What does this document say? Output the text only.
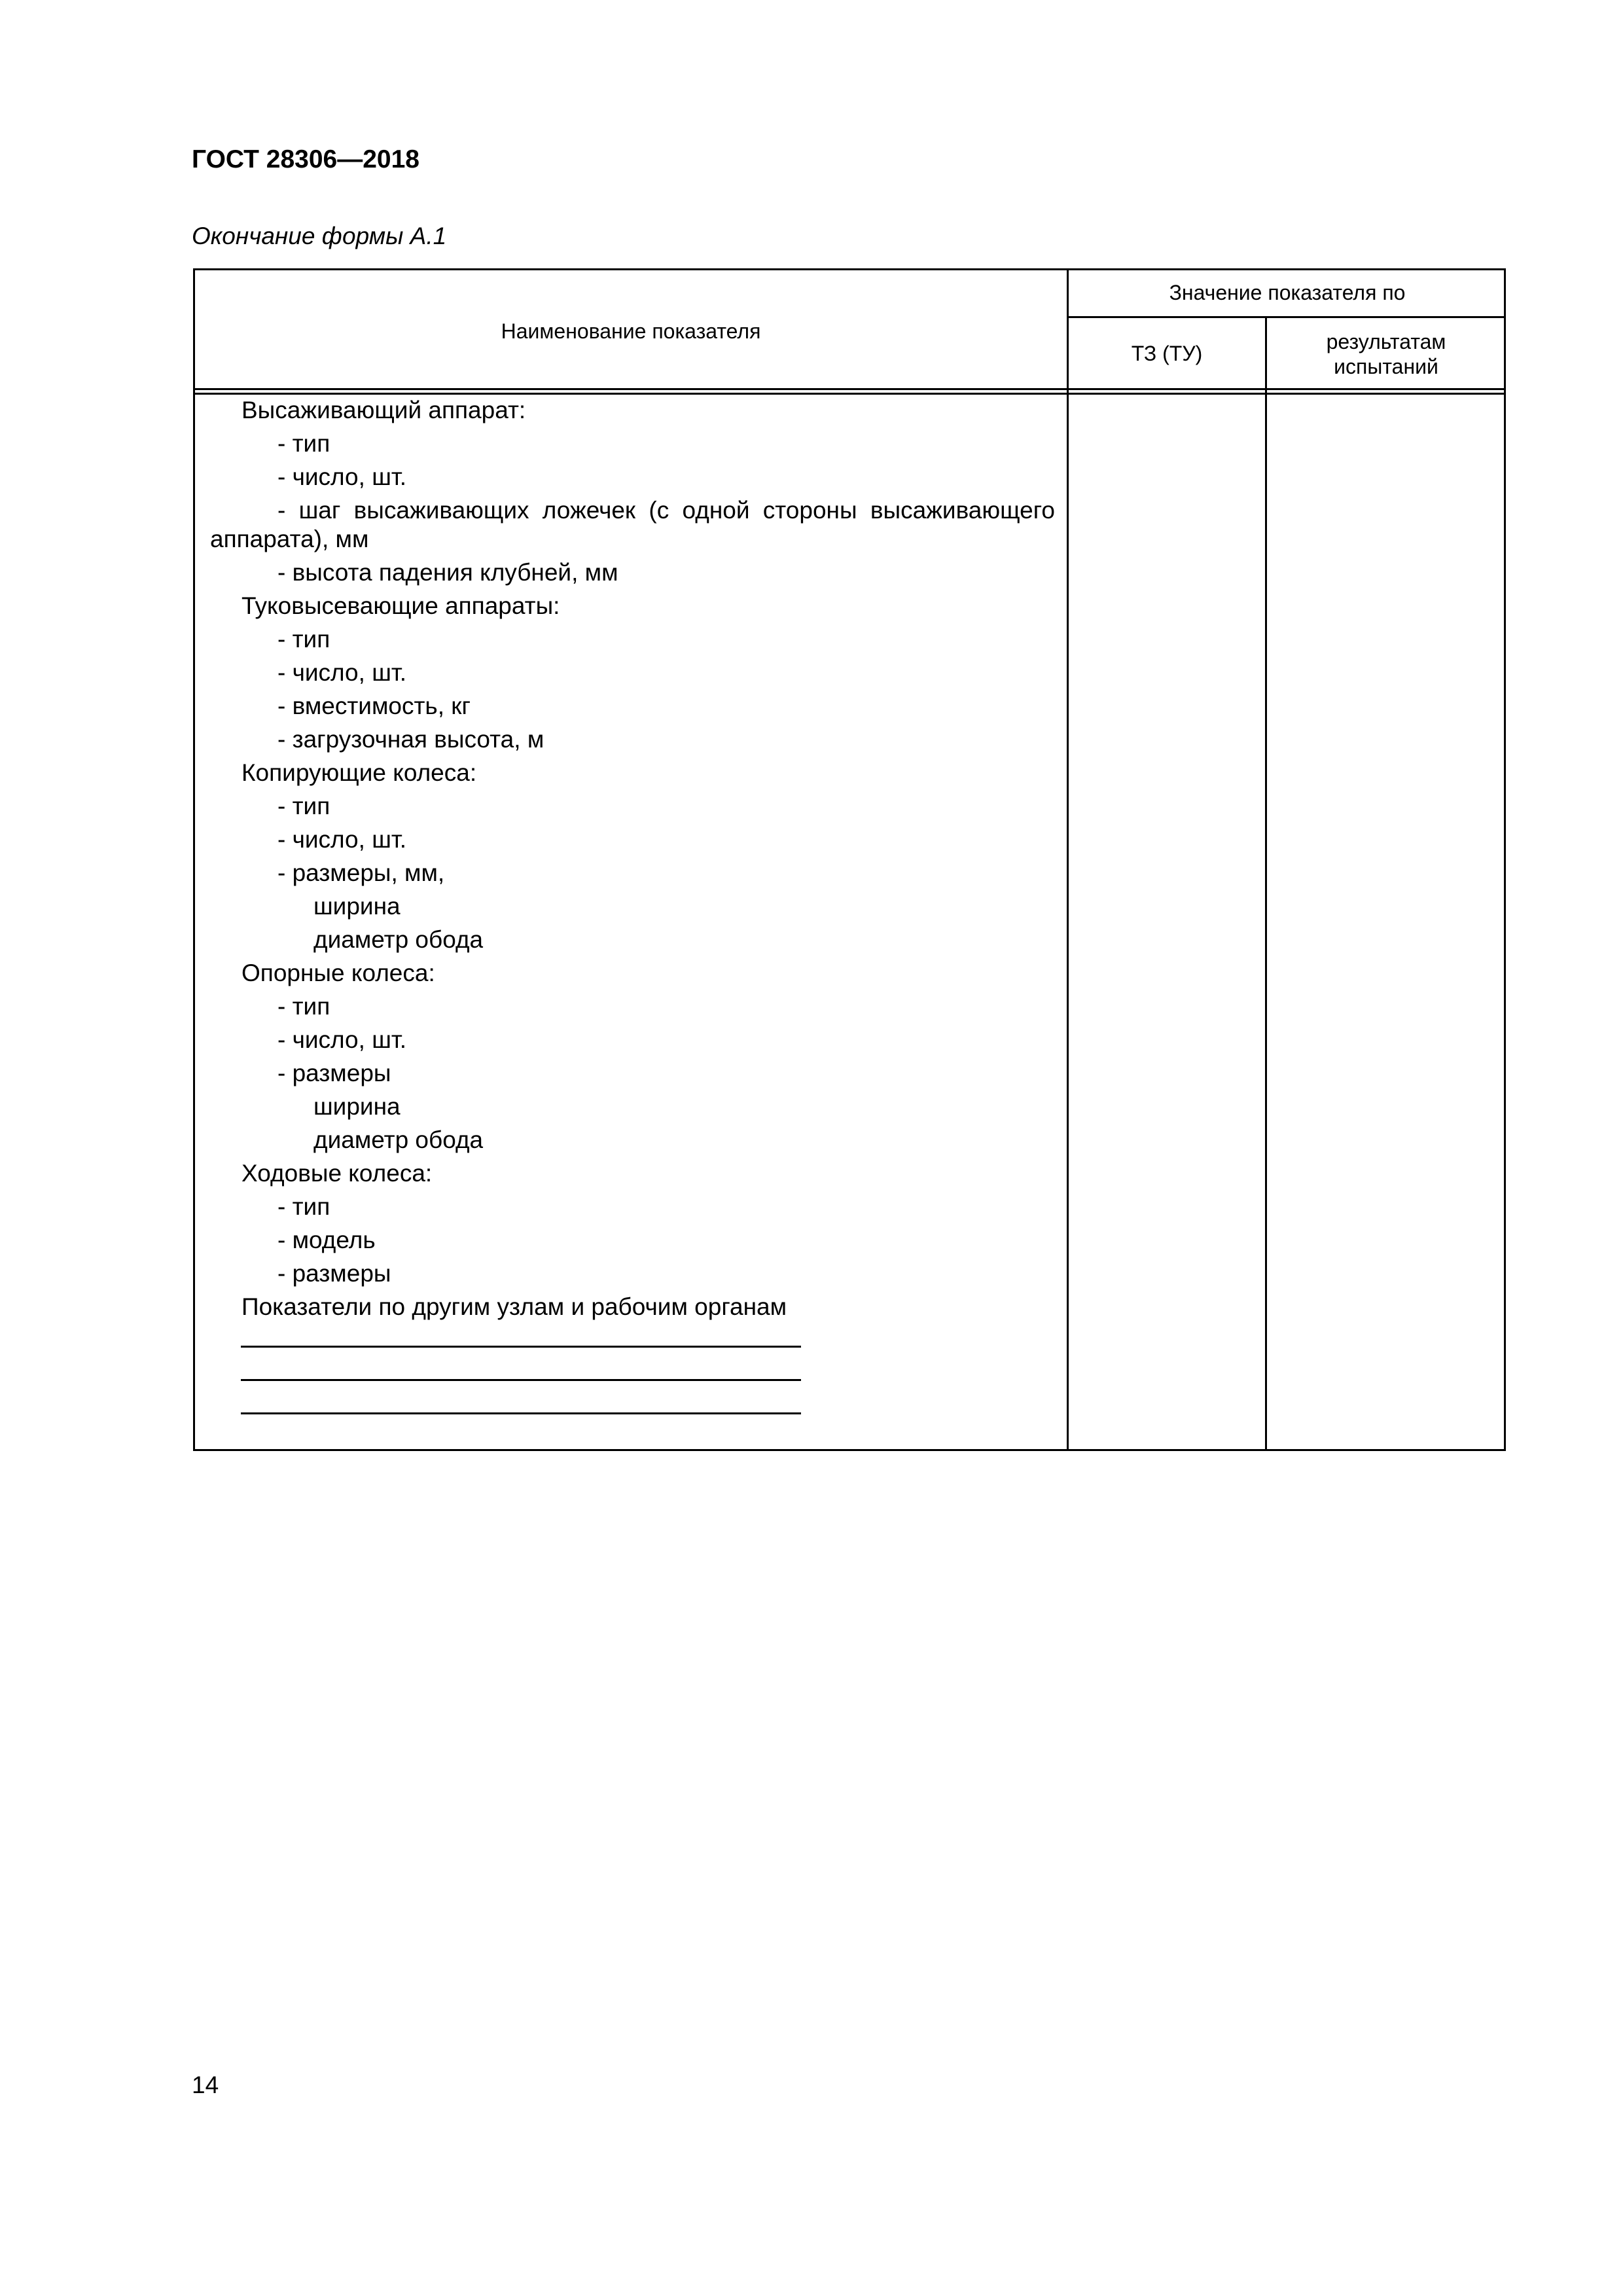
ГОСТ 28306—2018
Окончание формы А.1
Наименование показателя
Значение показателя по
ТЗ (ТУ)	результатам испытаний
Высаживающий аппарат:
- тип
- число, шт.
- шаг высаживающих ложечек (с одной стороны высаживающего
аппарата), мм
- высота падения клубней, мм
Туковысевающие аппараты:
- тип
- число, шт.
- вместимость, кг
- загрузочная высота, м
Копирующие колеса:
- тип
- число, шт.
- размеры, мм,
ширина
диаметр обода
Опорные колеса:
- тип
- число, шт.
- размеры
ширина
диаметр обода
Ходовые колеса:
- тип
- модель
- размеры
Показатели по другим узлам и рабочим органам
14
